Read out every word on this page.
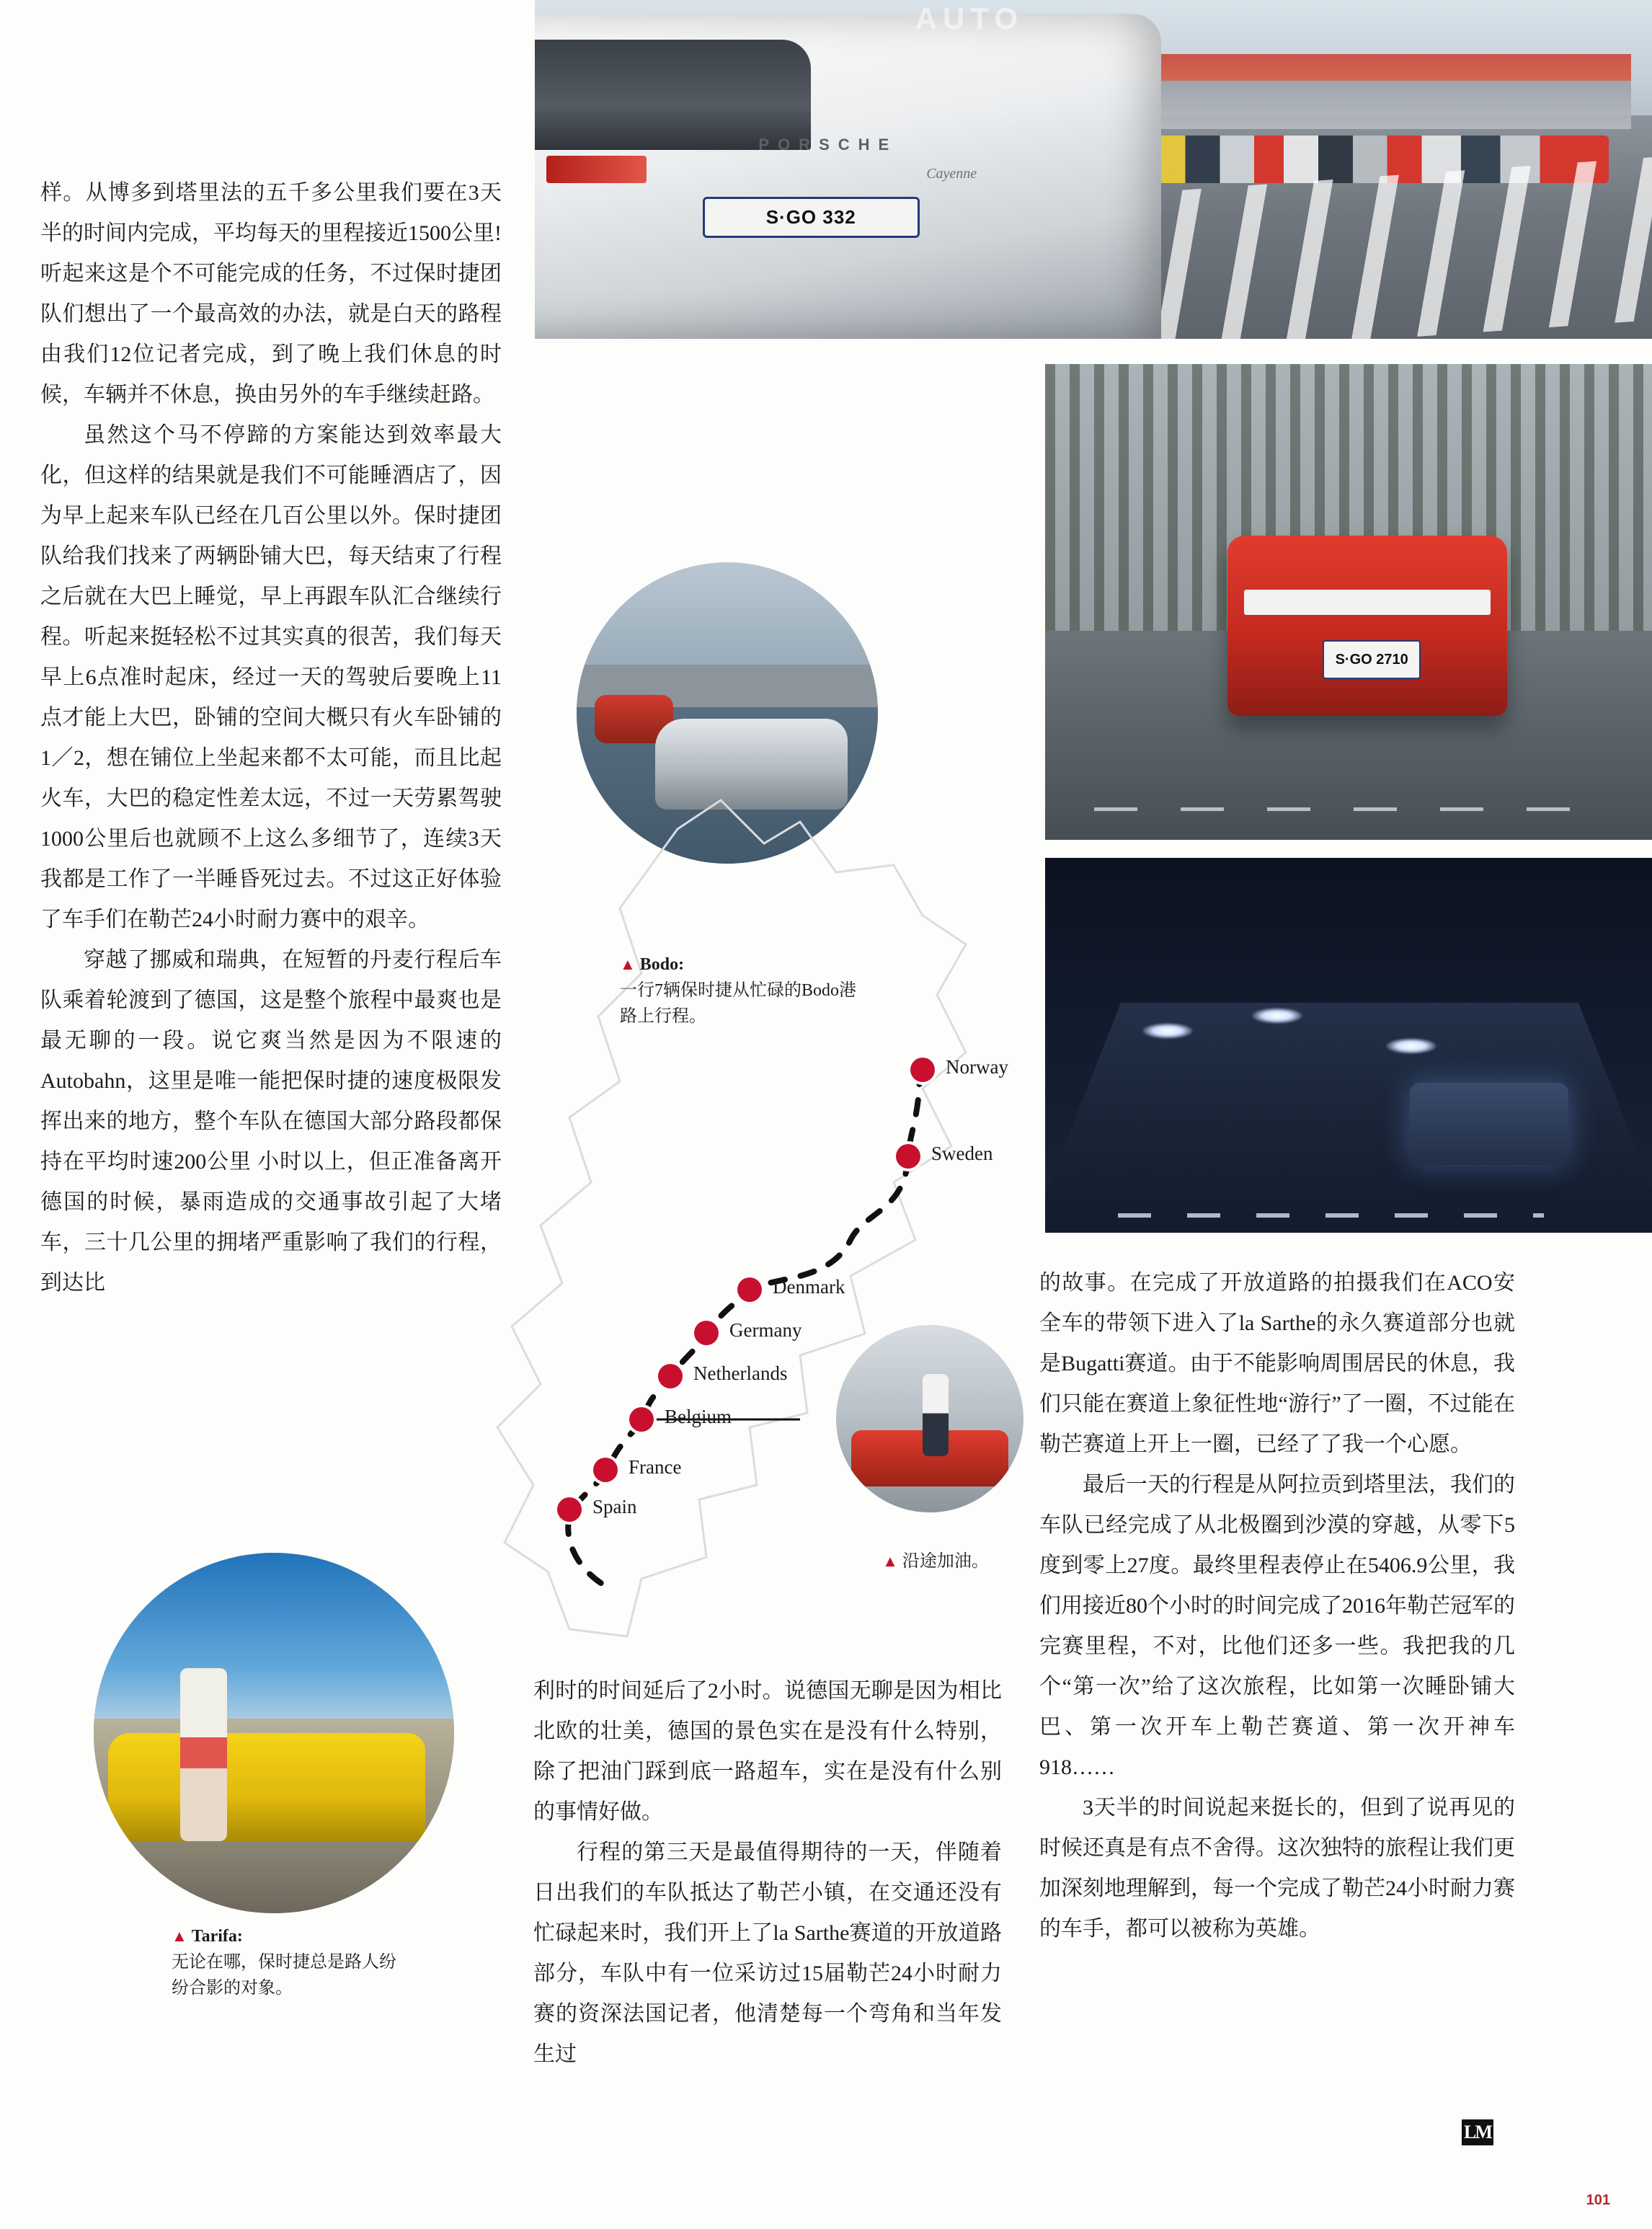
PORSCHE
Cayenne
S·GO 332
AUTO
S·GO 2710
Norway
Sweden
Denmark
Germany
Netherlands
Belgium
France
Spain
▲ Bodo:
一行7辆保时捷从忙碌的Bodo港路上行程。
▲ 沿途加油。
▲ Tarifa:
无论在哪，保时捷总是路人纷纷合影的对象。

样。从博多到塔里法的五千多公里我们要在3天半的时间内完成，平均每天的里程接近1500公里! 听起来这是个不可能完成的任务，不过保时捷团队们想出了一个最高效的办法，就是白天的路程由我们12位记者完成，到了晚上我们休息的时候，车辆并不休息，换由另外的车手继续赶路。

虽然这个马不停蹄的方案能达到效率最大化，但这样的结果就是我们不可能睡酒店了，因为早上起来车队已经在几百公里以外。保时捷团队给我们找来了两辆卧铺大巴，每天结束了行程之后就在大巴上睡觉，早上再跟车队汇合继续行程。听起来挺轻松不过其实真的很苦，我们每天早上6点准时起床，经过一天的驾驶后要晚上11点才能上大巴，卧铺的空间大概只有火车卧铺的1／2，想在铺位上坐起来都不太可能，而且比起火车，大巴的稳定性差太远，不过一天劳累驾驶1000公里后也就顾不上这么多细节了，连续3天我都是工作了一半睡昏死过去。不过这正好体验了车手们在勒芒24小时耐力赛中的艰辛。

穿越了挪威和瑞典，在短暂的丹麦行程后车队乘着轮渡到了德国，这是整个旅程中最爽也是最无聊的一段。说它爽当然是因为不限速的Autobahn，这里是唯一能把保时捷的速度极限发挥出来的地方，整个车队在德国大部分路段都保持在平均时速200公里 小时以上，但正准备离开德国的时候，暴雨造成的交通事故引起了大堵车，三十几公里的拥堵严重影响了我们的行程，到达比

利时的时间延后了2小时。说德国无聊是因为相比北欧的壮美，德国的景色实在是没有什么特别，除了把油门踩到底一路超车，实在是没有什么别的事情好做。

行程的第三天是最值得期待的一天，伴随着日出我们的车队抵达了勒芒小镇，在交通还没有忙碌起来时，我们开上了la Sarthe赛道的开放道路部分，车队中有一位采访过15届勒芒24小时耐力赛的资深法国记者，他清楚每一个弯角和当年发生过

的故事。在完成了开放道路的拍摄我们在ACO安全车的带领下进入了la Sarthe的永久赛道部分也就是Bugatti赛道。由于不能影响周围居民的休息，我们只能在赛道上象征性地“游行”了一圈，不过能在勒芒赛道上开上一圈，已经了了我一个心愿。

最后一天的行程是从阿拉贡到塔里法，我们的车队已经完成了从北极圈到沙漠的穿越，从零下5度到零上27度。最终里程表停止在5406.9公里，我们用接近80个小时的时间完成了2016年勒芒冠军的完赛里程，不对，比他们还多一些。我把我的几个“第一次”给了这次旅程，比如第一次睡卧铺大巴、第一次开车上勒芒赛道、第一次开神车918……

3天半的时间说起来挺长的，但到了说再见的时候还真是有点不舍得。这次独特的旅程让我们更加深刻地理解到，每一个完成了勒芒24小时耐力赛的车手，都可以被称为英雄。

LM
101
